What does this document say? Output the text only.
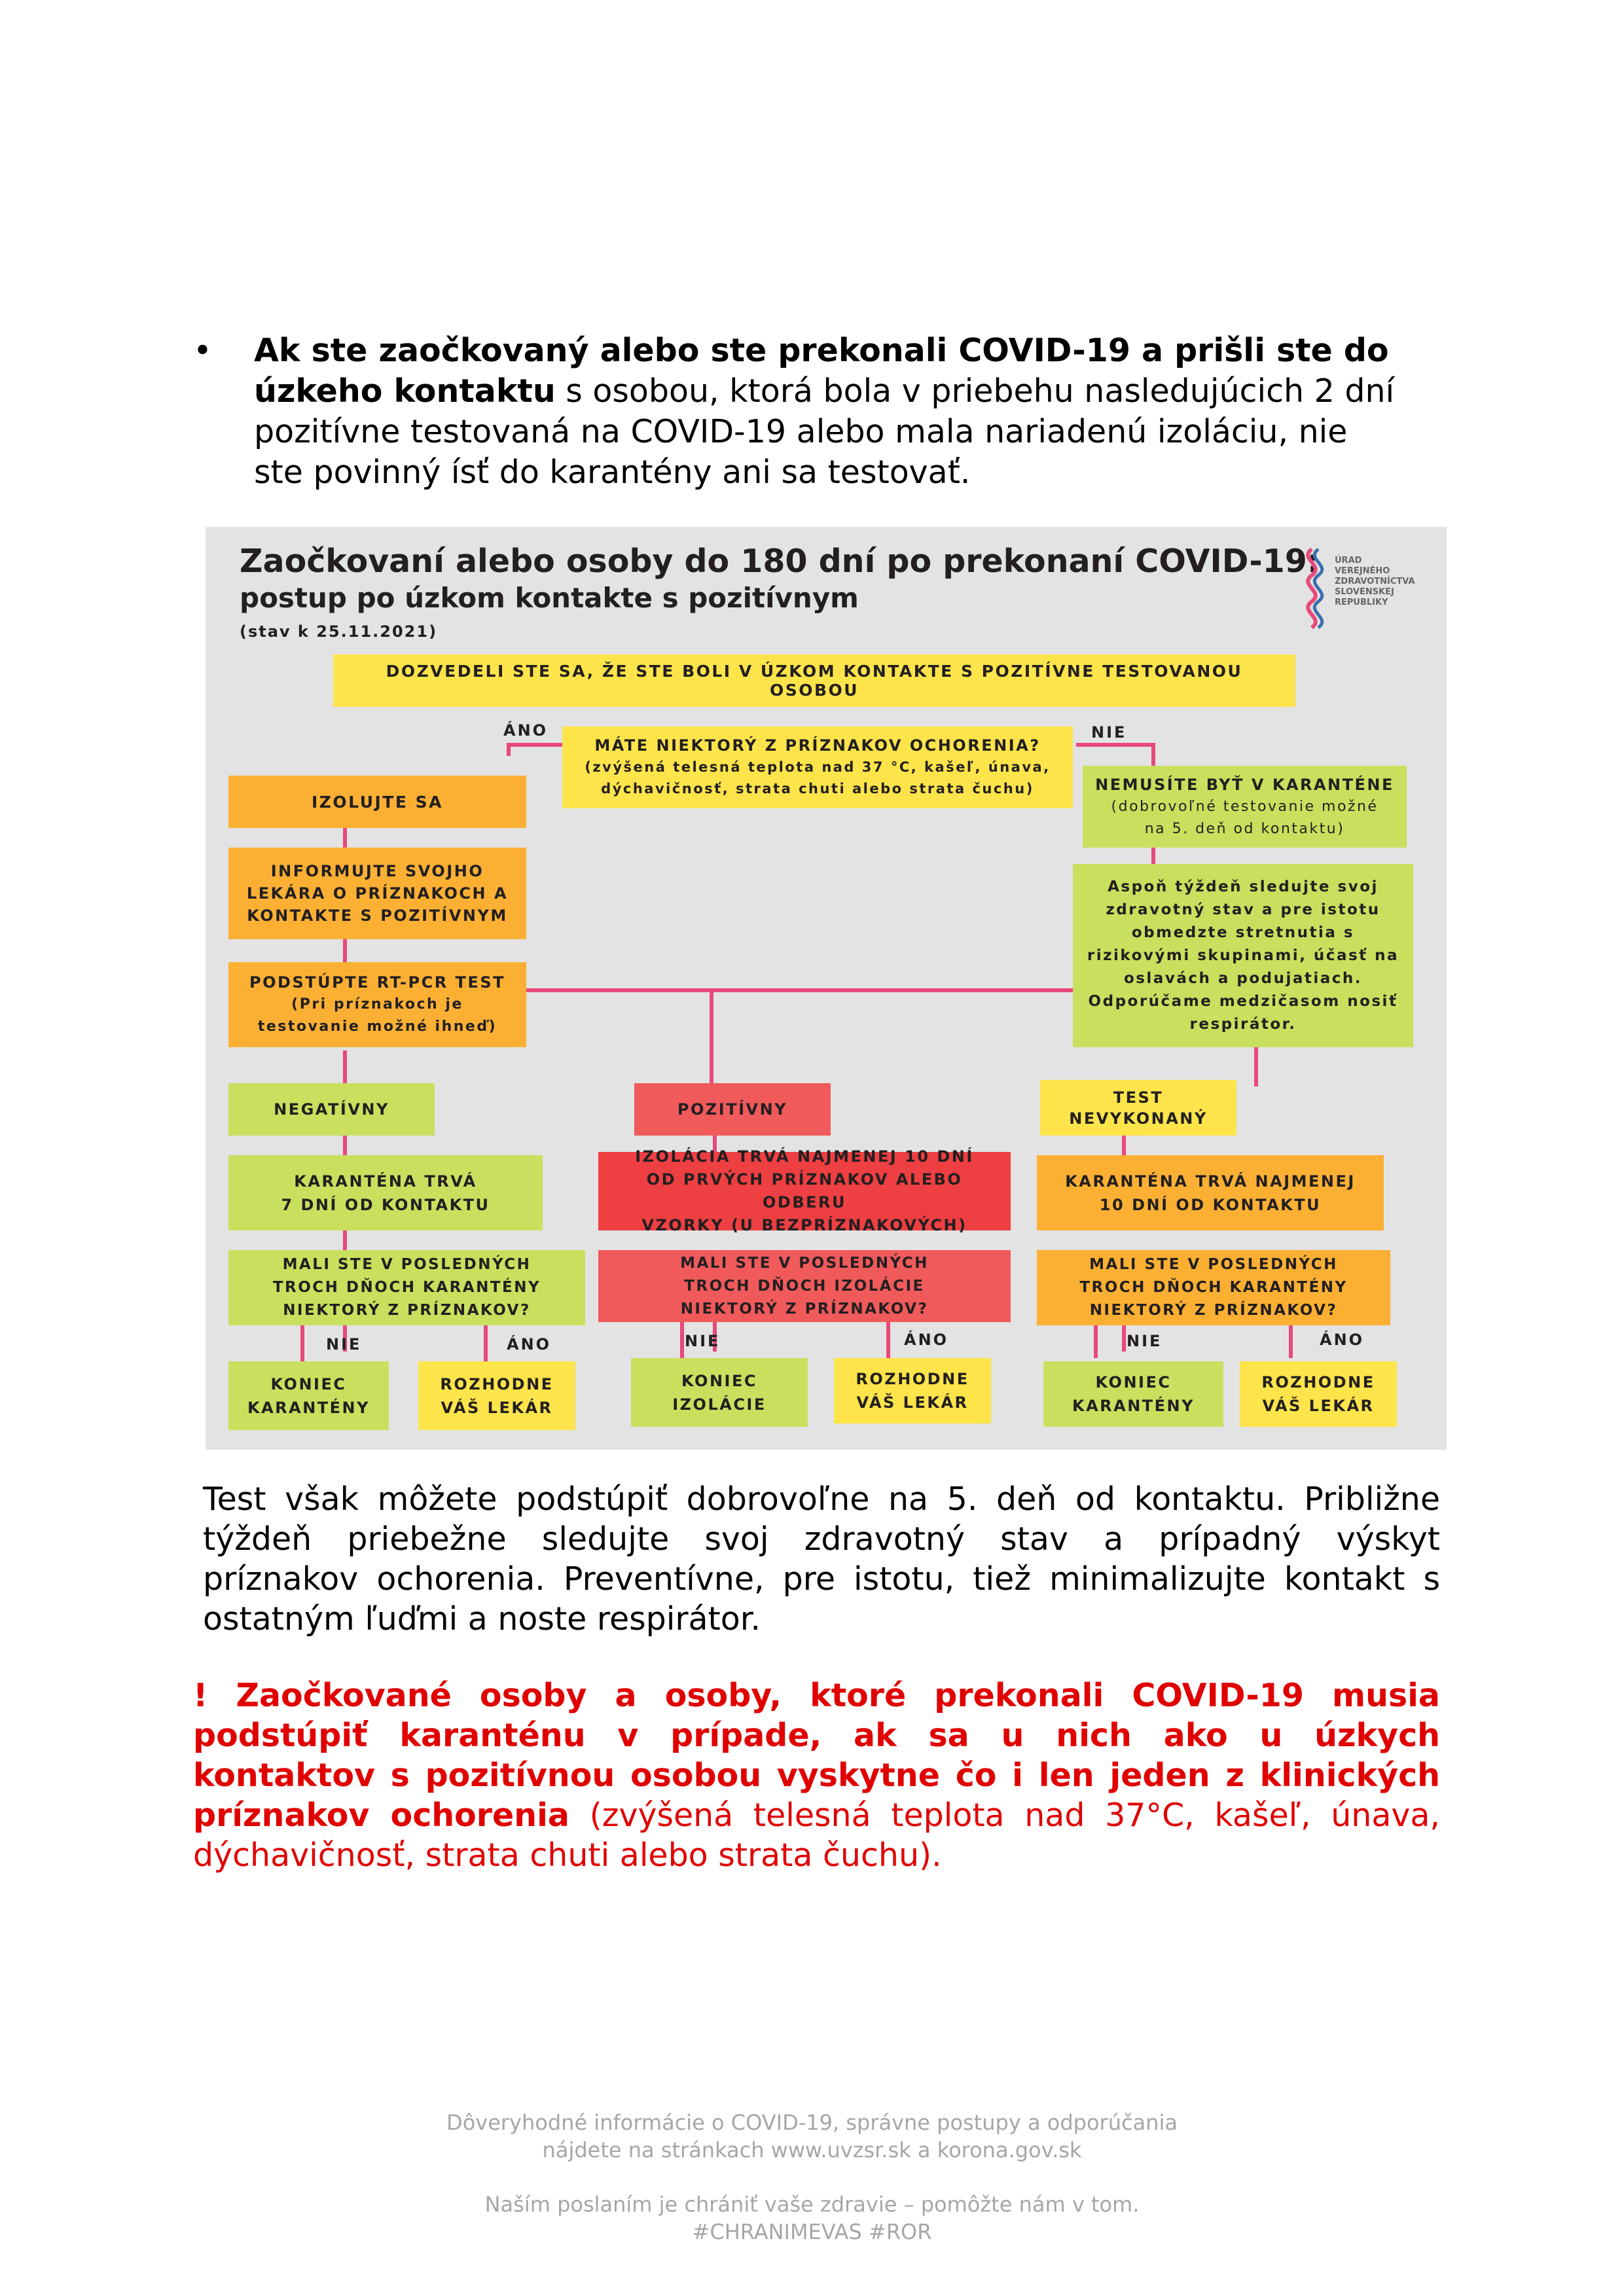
• Ak ste zaočkovaný alebo ste prekonali COVID-19 a prišli ste do
úzkeho kontaktu s osobou, ktorá bola v priebehu nasledujúcich 2 dní
pozitívne testovaná na COVID-19 alebo mala nariadenú izoláciu, nie
ste povinný ísť do karantény ani sa testovať.
Zaočkovaní alebo osoby do 180 dní po prekonaní COVID-19:
postup po úzkom kontakte s pozitívnym
(stav k 25.11.2021)
ÚRAD
VEREJNÉHO
ZDRAVOTNÍCTVA
SLOVENSKEJ
REPUBLIKY
ÁNO	NIE
NIE	ÁNO	NIE	ÁNO	NIE	ÁNO
DOZVEDELI STE SA, ŽE STE BOLI V ÚZKOM KONTAKTE S POZITÍVNE TESTOVANOU OSOBOU
MÁTE NIEKTORÝ Z PRÍZNAKOV OCHORENIA?
(zvýšená telesná teplota nad 37 °C, kašeľ, únava,
dýchavičnosť, strata chuti alebo strata čuchu)
IZOLUJTE SA
INFORMUJTE SVOJHO
LEKÁRA O PRÍZNAKOCH A
KONTAKTE S POZITÍVNYM
PODSTÚPTE RT-PCR TEST
(Pri príznakoch je
testovanie možné ihneď)
NEMUSÍTE BYŤ V KARANTÉNE
(dobrovoľné testovanie možné
na 5. deň od kontaktu)
Aspoň týždeň sledujte svoj
zdravotný stav a pre istotu
obmedzte stretnutia s
rizikovými skupinami, účasť na
oslavách a podujatiach.
Odporúčame medzičasom nosiť
respirátor.
NEGATÍVNY	POZITÍVNY
TEST
NEVYKONANÝ
KARANTÉNA TRVÁ
7 DNÍ OD KONTAKTU
IZOLÁCIA TRVÁ NAJMENEJ 10 DNÍ
OD PRVÝCH PRÍZNAKOV ALEBO ODBERU
VZORKY (U BEZPRÍZNAKOVÝCH)
KARANTÉNA TRVÁ NAJMENEJ
10 DNÍ OD KONTAKTU
MALI STE V POSLEDNÝCH
TROCH DŇOCH KARANTÉNY
NIEKTORÝ Z PRÍZNAKOV?
MALI STE V POSLEDNÝCH
TROCH DŇOCH IZOLÁCIE
NIEKTORÝ Z PRÍZNAKOV?
MALI STE V POSLEDNÝCH
TROCH DŇOCH KARANTÉNY
NIEKTORÝ Z PRÍZNAKOV?
KONIEC
KARANTÉNY
ROZHODNE
VÁŠ LEKÁR
KONIEC
IZOLÁCIE
ROZHODNE
VÁŠ LEKÁR
KONIEC
KARANTÉNY
ROZHODNE
VÁŠ LEKÁR
Test však môžete podstúpiť dobrovoľne na 5. deň od kontaktu. Približne
týždeň priebežne sledujte svoj zdravotný stav a prípadný výskyt
príznakov ochorenia. Preventívne, pre istotu, tiež minimalizujte kontakt s
ostatným ľuďmi a noste respirátor.
! Zaočkované osoby a osoby, ktoré prekonali COVID-19 musia
podstúpiť karanténu v prípade, ak sa u nich ako u úzkych
kontaktov s pozitívnou osobou vyskytne čo i len jeden z klinických
príznakov ochorenia (zvýšená telesná teplota nad 37°C, kašeľ, únava,
dýchavičnosť, strata chuti alebo strata čuchu).
Dôveryhodné informácie o COVID-19, správne postupy a odporúčania
nájdete na stránkach www.uvzsr.sk a korona.gov.sk
Naším poslaním je chrániť vaše zdravie – pomôžte nám v tom.
#CHRANIMEVAS #ROR
